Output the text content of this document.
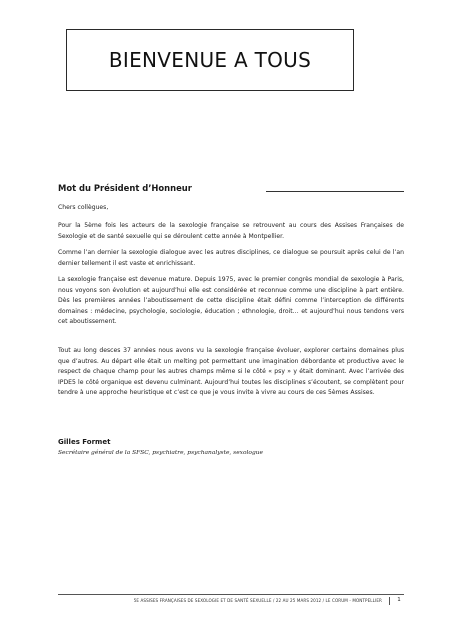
BIENVENUE A TOUS
Mot du Président d’Honneur

Chers collègues,

Pour la 5ème fois les acteurs de la sexologie française se retrouvent au cours des Assises Françaises de Sexologie et de santé sexuelle qui se déroulent cette année à Montpellier.

Comme l’an dernier la sexologie dialogue avec les autres disciplines, ce dialogue se poursuit après celui de l’an dernier tellement il est vaste et enrichissant.

La sexologie française est devenue mature. Depuis 1975, avec le premier congrès mondial de sexologie à Paris, nous voyons son évolution et aujourd’hui elle est considérée et reconnue comme une discipline à part entière. Dès les premières années l’aboutissement de cette discipline était défini comme l’interception de différents domaines : médecine, psychologie, sociologie, éducation ; ethnologie, droit… et aujourd’hui nous tendons vers cet aboutissement.

Tout au long desces 37 années nous avons vu la sexologie française évoluer, explorer certains domaines plus que d’autres. Au départ elle était un melting pot permettant une imagination débordante et productive avec le respect de chaque champ pour les autres champs même si le côté « psy » y était dominant. Avec l’arrivée des IPDE5 le côté organique est devenu culminant. Aujourd’hui toutes les disciplines s’écoutent, se complètent pour tendre à une approche heuristique et c’est ce que je vous invite à vivre au cours de ces 5èmes Assises.

Gilles Formet
Secrétaire général de la SFSC, psychiatre, psychanalyste, sexologue
5E ASSISES FRANÇAISES DE SEXOLOGIE ET DE SANTÉ SEXUELLE / 22 AU 25 MARS 2012 / LE CORUM - MONTPELLIER	1
